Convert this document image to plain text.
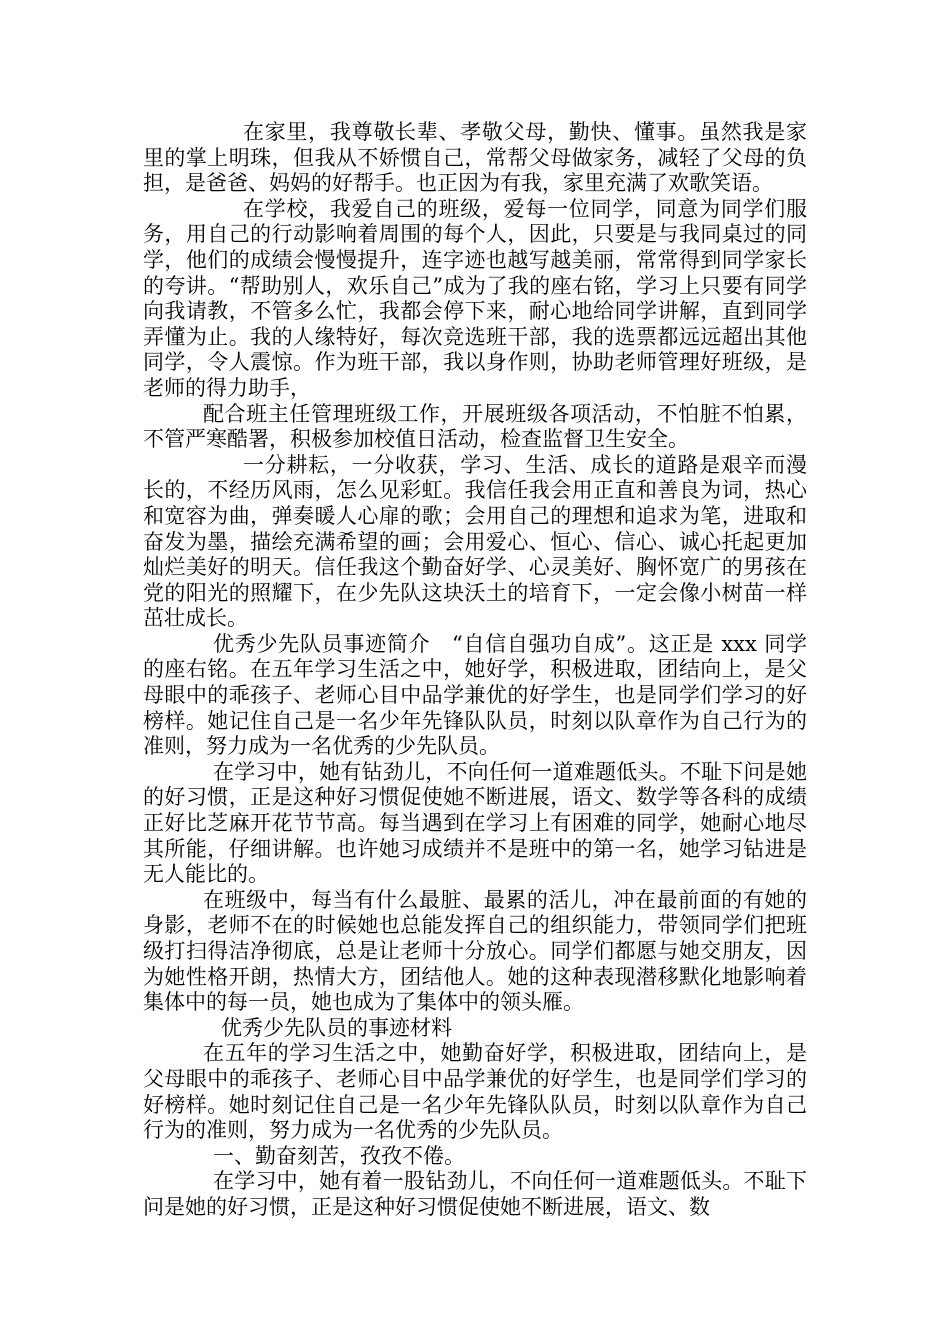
在家里，我尊敬长辈、孝敬父母，勤快、懂事。虽然我是家里的掌上明珠，但我从不娇惯自己，常帮父母做家务，减轻了父母的负担，是爸爸、妈妈的好帮手。也正因为有我，家里充满了欢歌笑语。

在学校，我爱自己的班级，爱每一位同学，同意为同学们服务，用自己的行动影响着周围的每个人，因此，只要是与我同桌过的同学，他们的成绩会慢慢提升，连字迹也越写越美丽，常常得到同学家长的夸讲。“帮助别人，欢乐自己”成为了我的座右铭，学习上只要有同学向我请教，不管多么忙，我都会停下来，耐心地给同学讲解，直到同学弄懂为止。我的人缘特好，每次竞选班干部，我的选票都远远超出其他同学，令人震惊。作为班干部，我以身作则，协助老师管理好班级，是老师的得力助手，

配合班主任管理班级工作，开展班级各项活动，不怕脏不怕累，不管严寒酷署，积极参加校值日活动，检查监督卫生安全。

一分耕耘，一分收获，学习、生活、成长的道路是艰辛而漫长的，不经历风雨，怎么见彩虹。我信任我会用正直和善良为词，热心和宽容为曲，弹奏暖人心扉的歌；会用自己的理想和追求为笔，进取和奋发为墨，描绘充满希望的画；会用爱心、恒心、信心、诚心托起更加灿烂美好的明天。信任我这个勤奋好学、心灵美好、胸怀宽广的男孩在党的阳光的照耀下，在少先队这块沃土的培育下，一定会像小树苗一样茁壮成长。

优秀少先队员事迹简介　“自信自强功自成”。这正是 xxx 同学的座右铭。在五年学习生活之中，她好学，积极进取，团结向上，是父母眼中的乖孩子、老师心目中品学兼优的好学生，也是同学们学习的好榜样。她记住自己是一名少年先锋队队员，时刻以队章作为自己行为的准则，努力成为一名优秀的少先队员。

在学习中，她有钻劲儿，不向任何一道难题低头。不耻下问是她的好习惯，正是这种好习惯促使她不断进展，语文、数学等各科的成绩正好比芝麻开花节节高。每当遇到在学习上有困难的同学，她耐心地尽其所能，仔细讲解。也许她习成绩并不是班中的第一名，她学习钻进是无人能比的。

在班级中，每当有什么最脏、最累的活儿，冲在最前面的有她的身影，老师不在的时候她也总能发挥自己的组织能力，带领同学们把班级打扫得洁净彻底，总是让老师十分放心。同学们都愿与她交朋友，因为她性格开朗，热情大方，团结他人。她的这种表现潜移默化地影响着集体中的每一员，她也成为了集体中的领头雁。

优秀少先队员的事迹材料

在五年的学习生活之中，她勤奋好学，积极进取，团结向上，是父母眼中的乖孩子、老师心目中品学兼优的好学生，也是同学们学习的好榜样。她时刻记住自己是一名少年先锋队队员，时刻以队章作为自己行为的准则，努力成为一名优秀的少先队员。

一、勤奋刻苦，孜孜不倦。

在学习中，她有着一股钻劲儿，不向任何一道难题低头。不耻下问是她的好习惯，正是这种好习惯促使她不断进展，语文、数
